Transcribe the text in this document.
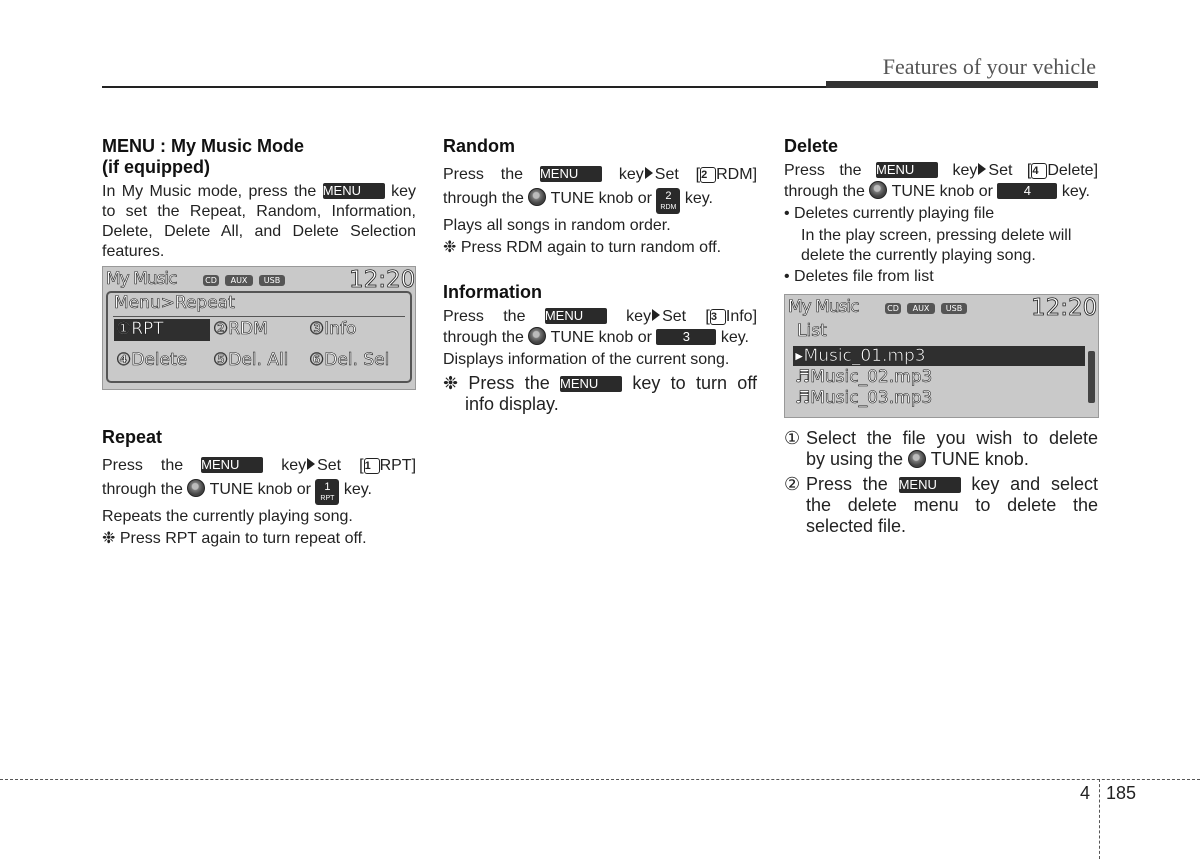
Features of your vehicle
MENU : My Music Mode
(if equipped)

In My Music mode, press the MENU key

to set the Repeat, Random, Information,

Delete, Delete All, and Delete Selection

features.

My Music	CD	AUX	USB	12:20
Menu>Repeat
①RPT	②RDM ③Info
④Delete ⑤Del. All ⑥Del. Sel
Repeat

Press the MENU	key Set [1 RPT]

through the TUNE knob or	1
RPT
key.

Repeats the currently playing song.

❉ Press RPT again to turn repeat off.

Random

Press the MENU	key Set [2 RDM]

through the TUNE knob or	2
RDM
key.

Plays all songs in random order.

❉ Press RDM again to turn random off.

Information

Press the MENU	key Set [3 Info]

through the TUNE knob or 3 key.

Displays information of the current song.

❉ Press the MENU key to turn off

info display.

Delete

Press the MENU key Set [4 Delete]

through the TUNE knob or 4 key.

• Deletes currently playing file

In the play screen, pressing delete will

delete the currently playing song.

• Deletes file from list

My Music	CD	AUX	USB	12:20
List
▸Music_01.mp3
♬Music_02.mp3
♬Music_03.mp3

① Select the file you wish to delete

by using the TUNE knob.

② Press the MENU key and select

the delete menu to delete the

selected file.

4 185
